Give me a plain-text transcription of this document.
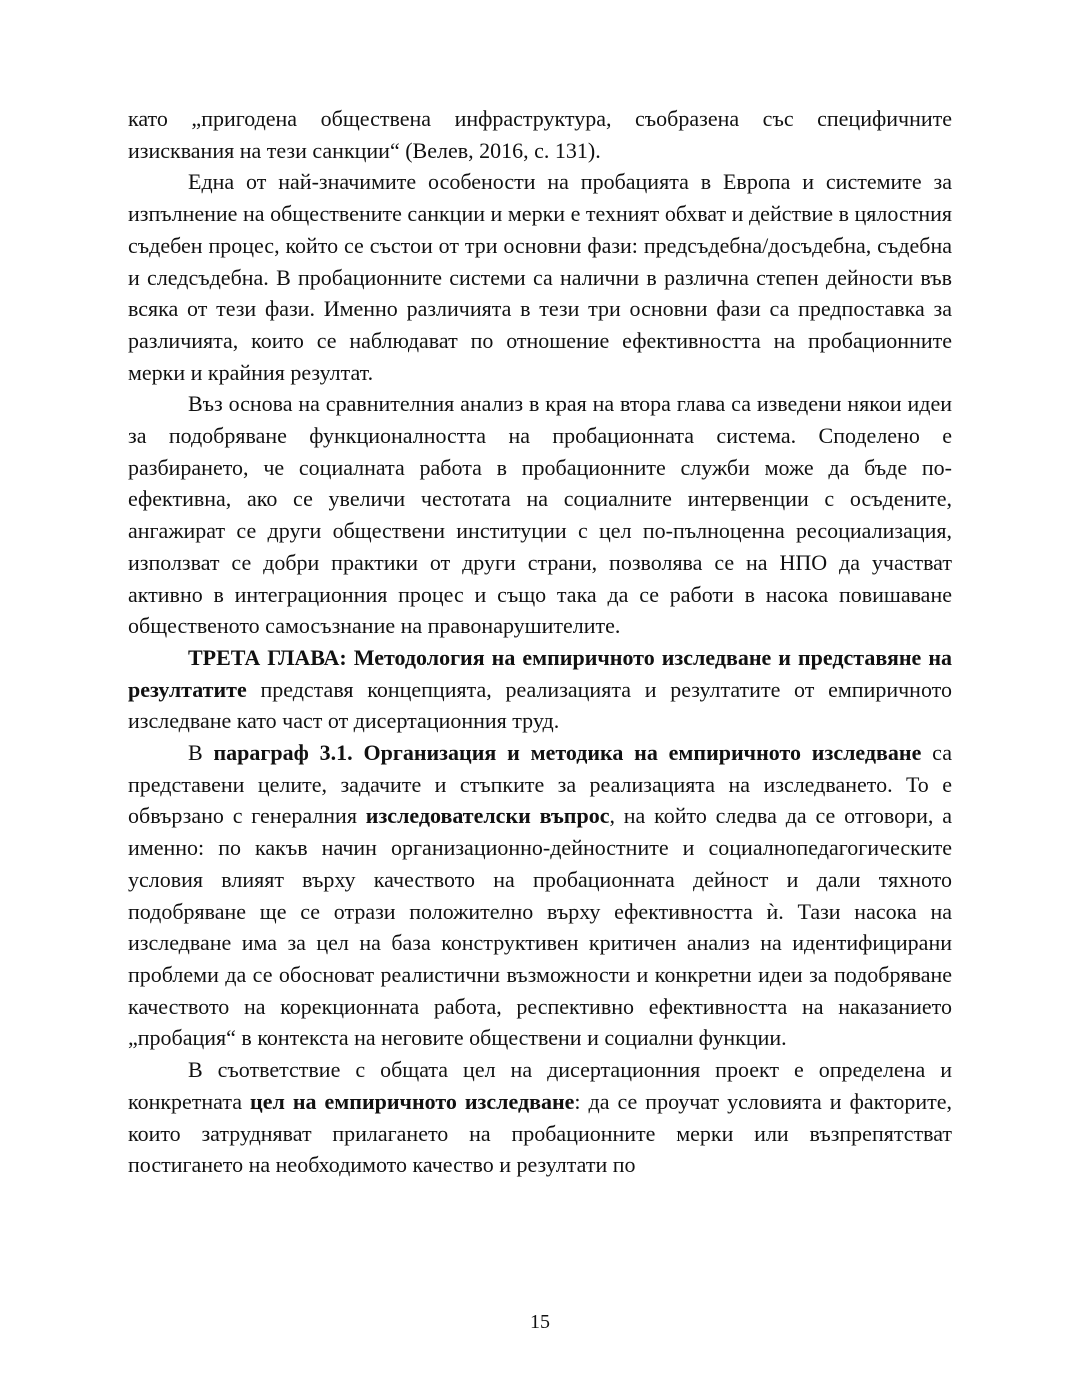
като „пригодена обществена инфраструктура, съобразена със специфичните изисквания на тези санкции“ (Велев, 2016, с. 131).

Една от най-значимите особености на пробацията в Европа и системите за изпълнение на обществените санкции и мерки е техният обхват и действие в цялостния съдебен процес, който се състои от три основни фази: предсъдебна/досъдебна, съдебна и следсъдебна. В пробационните системи са налични в различна степен дейности във всяка от тези фази. Именно различията в тези три основни фази са предпоставка за различията, които се наблюдават по отношение ефективността на пробационните мерки и крайния резултат.

Въз основа на сравнителния анализ в края на втора глава са изведени някои идеи за подобряване функционалността на пробационната система. Споделено е разбирането, че социалната работа в пробационните служби може да бъде по-ефективна, ако се увеличи честотата на социалните интервенции с осъдените, ангажират се други обществени институции с цел по-пълноценна ресоциализация, използват се добри практики от други страни, позволява се на НПО да участват активно в интеграционния процес и също така да се работи в насока повишаване общественото самосъзнание на правонарушителите.

ТРЕТА ГЛАВА: Методология на емпиричното изследване и представяне на резултатите представя концепцията, реализацията и резултатите от емпиричното изследване като част от дисертационния труд.

В параграф 3.1. Организация и методика на емпиричното изследване са представени целите, задачите и стъпките за реализацията на изследването. То е обвързано с генералния изследователски въпрос, на който следва да се отговори, а именно: по какъв начин организационно-дейностните и социалнопедагогическите условия влияят върху качеството на пробационната дейност и дали тяхното подобряване ще се отрази положително върху ефективността ѝ. Тази насока на изследване има за цел на база конструктивен критичен анализ на идентифицирани проблеми да се обосноват реалистични възможности и конкретни идеи за подобряване качеството на корекционната работа, респективно ефективността на наказанието „пробация“ в контекста на неговите обществени и социални функции.

В съответствие с общата цел на дисертационния проект е определена и конкретната цел на емпиричното изследване: да се проучат условията и факторите, които затрудняват прилагането на пробационните мерки или възпрепятстват постигането на необходимото качество и резултати по

15
